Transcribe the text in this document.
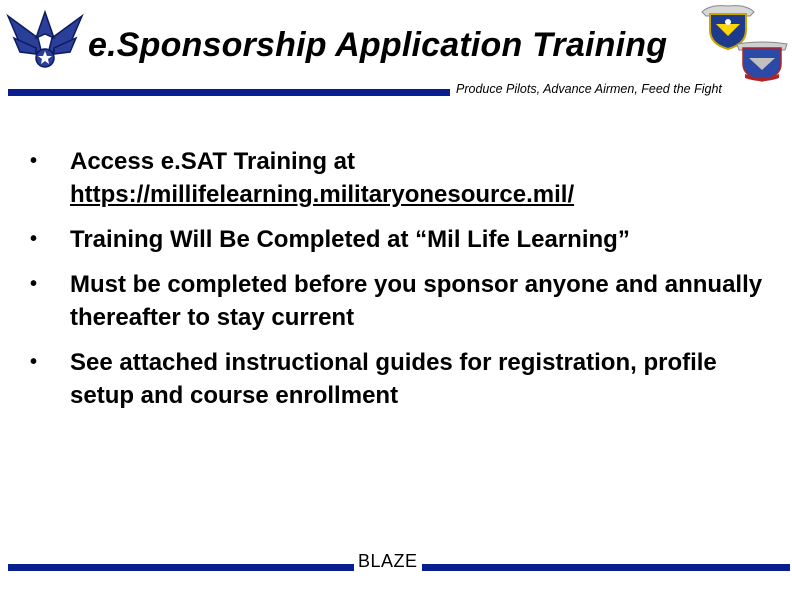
e.Sponsorship Application Training
Produce Pilots, Advance Airmen, Feed the Fight
•	Access e.SAT Training at
https://millifelearning.militaryonesource.mil/
•	Training Will Be Completed at “Mil Life Learning”
•	Must be completed before you sponsor anyone and annually thereafter to stay current
•	See attached instructional guides for registration, profile setup and course enrollment
BLAZE
